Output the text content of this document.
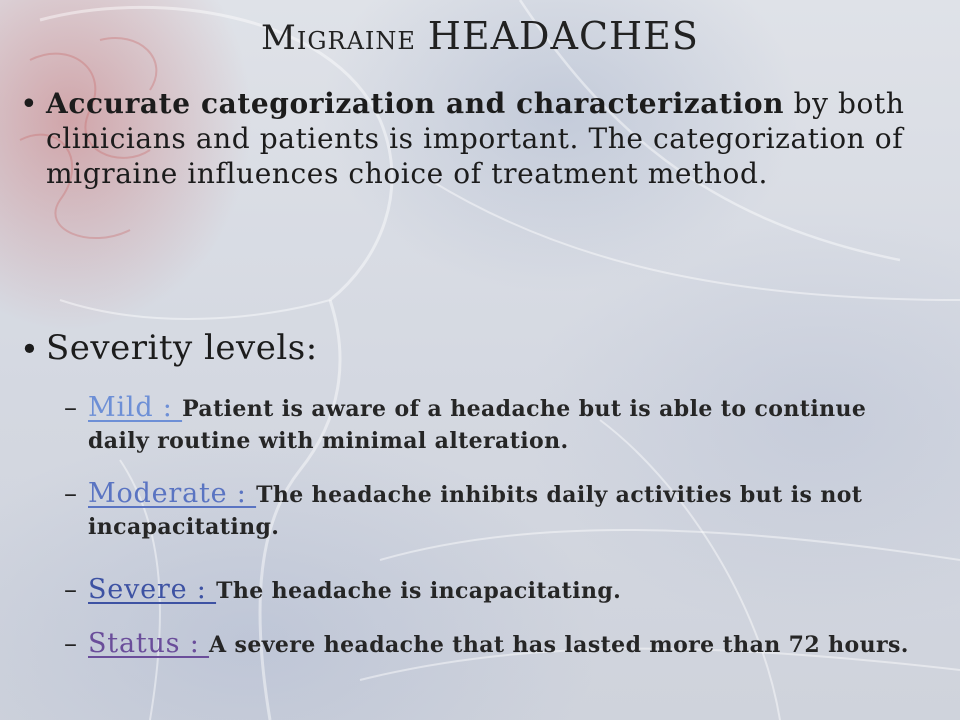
Migraine HEADACHES
• Accurate categorization and characterization by both clinicians and patients is important. The categorization of migraine influences choice of treatment method.
• Severity levels:
– Mild : Patient is aware of a headache but is able to continue daily routine with minimal alteration.
– Moderate : The headache inhibits daily activities but is not incapacitating.
– Severe : The headache is incapacitating.
– Status : A severe headache that has lasted more than 72 hours.
